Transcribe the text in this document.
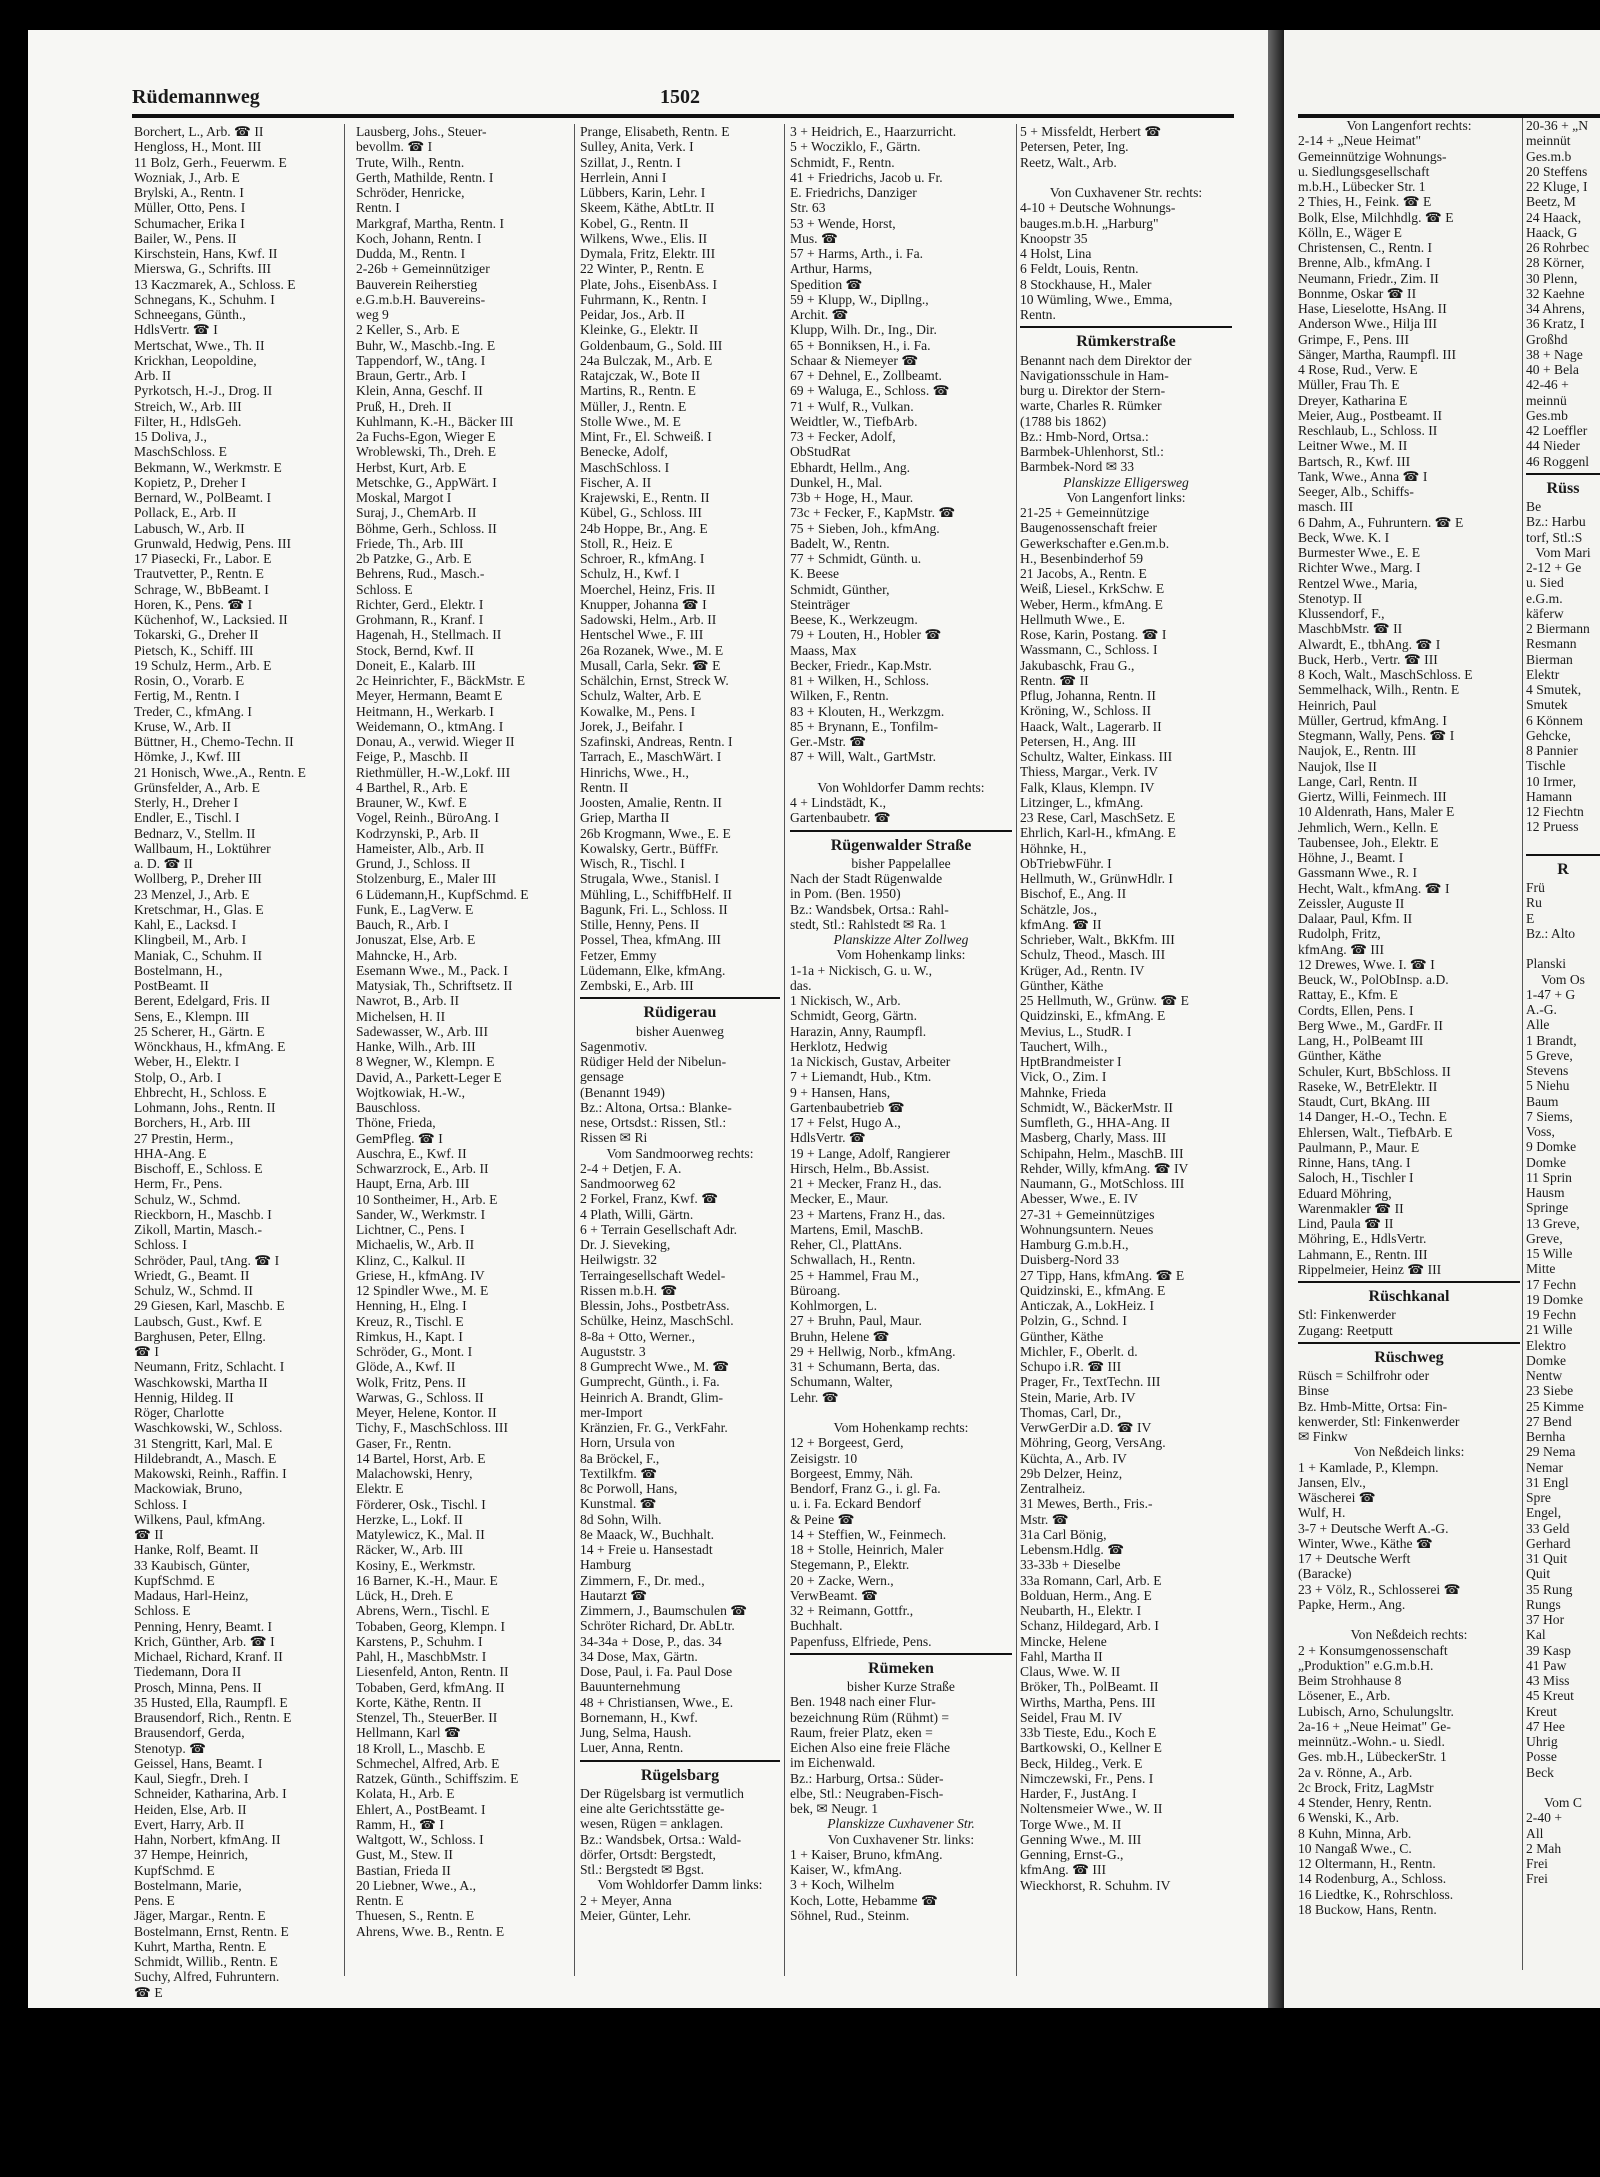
Rüdemannweg	1502
Borchert, L., Arb. ☎ II
Hengloss, H., Mont. III
11 Bolz, Gerh., Feuerwm. E
Wozniak, J., Arb. E
Brylski, A., Rentn. I
Müller, Otto, Pens. I
Schumacher, Erika I
Bailer, W., Pens. II
Kirschstein, Hans, Kwf. II
Mierswa, G., Schrifts. III
13 Kaczmarek, A., Schloss. E
Schnegans, K., Schuhm. I
Schneegans, Günth.,
HdlsVertr. ☎ I
Mertschat, Wwe., Th. II
Krickhan, Leopoldine,
Arb. II
Pyrkotsch, H.-J., Drog. II
Streich, W., Arb. III
Filter, H., HdlsGeh.
15 Doliva, J.,
MaschSchloss. E
Bekmann, W., Werkmstr. E
Kopietz, P., Dreher I
Bernard, W., PolBeamt. I
Pollack, E., Arb. II
Labusch, W., Arb. II
Grunwald, Hedwig, Pens. III
17 Piasecki, Fr., Labor. E
Trautvetter, P., Rentn. E
Schrage, W., BbBeamt. I
Horen, K., Pens. ☎ I
Küchenhof, W., Lacksied. II
Tokarski, G., Dreher II
Pietsch, K., Schiff. III
19 Schulz, Herm., Arb. E
Rosin, O., Vorarb. E
Fertig, M., Rentn. I
Treder, C., kfmAng. I
Kruse, W., Arb. II
Büttner, H., Chemo-Techn. II
Hömke, J., Kwf. III
21 Honisch, Wwe.,A., Rentn. E
Grünsfelder, A., Arb. E
Sterly, H., Dreher I
Endler, E., Tischl. I
Bednarz, V., Stellm. II
Wallbaum, H., Loktührer
a. D. ☎ II
Wollberg, P., Dreher III
23 Menzel, J., Arb. E
Kretschmar, H., Glas. E
Kahl, E., Lacksd. I
Klingbeil, M., Arb. I
Maniak, C., Schuhm. II
Bostelmann, H.,
PostBeamt. II
Berent, Edelgard, Fris. II
Sens, E., Klempn. III
25 Scherer, H., Gärtn. E
Wönckhaus, H., kfmAng. E
Weber, H., Elektr. I
Stolp, O., Arb. I
Ehbrecht, H., Schloss. E
Lohmann, Johs., Rentn. II
Borchers, H., Arb. III
27 Prestin, Herm.,
HHA-Ang. E
Bischoff, E., Schloss. E
Herm, Fr., Pens.
Schulz, W., Schmd.
Rieckborn, H., Maschb. I
Zikoll, Martin, Masch.-
Schloss. I
Schröder, Paul, tAng. ☎ I
Wriedt, G., Beamt. II
Schulz, W., Schmd. II
29 Giesen, Karl, Maschb. E
Laubsch, Gust., Kwf. E
Barghusen, Peter, Ellng.
☎ I
Neumann, Fritz, Schlacht. I
Waschkowski, Martha II
Hennig, Hildeg. II
Röger, Charlotte
Waschkowski, W., Schloss.
31 Stengritt, Karl, Mal. E
Hildebrandt, A., Masch. E
Makowski, Reinh., Raffin. I
Mackowiak, Bruno,
Schloss. I
Wilkens, Paul, kfmAng.
☎ II
Hanke, Rolf, Beamt. II
33 Kaubisch, Günter,
KupfSchmd. E
Madaus, Harl-Heinz,
Schloss. E
Penning, Henry, Beamt. I
Krich, Günther, Arb. ☎ I
Michael, Richard, Kranf. II
Tiedemann, Dora II
Prosch, Minna, Pens. II
35 Husted, Ella, Raumpfl. E
Brausendorf, Rich., Rentn. E
Brausendorf, Gerda,
Stenotyp. ☎
Geissel, Hans, Beamt. I
Kaul, Siegfr., Dreh. I
Schneider, Katharina, Arb. I
Heiden, Else, Arb. II
Evert, Harry, Arb. II
Hahn, Norbert, kfmAng. II
37 Hempe, Heinrich,
KupfSchmd. E
Bostelmann, Marie,
Pens. E
Jäger, Margar., Rentn. E
Bostelmann, Ernst, Rentn. E
Kuhrt, Martha, Rentn. E
Schmidt, Willib., Rentn. E
Suchy, Alfred, Fuhruntern.
☎ E
Lausberg, Johs., Steuer-
bevollm. ☎ I
Trute, Wilh., Rentn.
Gerth, Mathilde, Rentn. I
Schröder, Henricke,
Rentn. I
Markgraf, Martha, Rentn. I
Koch, Johann, Rentn. I
Dudda, M., Rentn. I
2-26b + Gemeinnütziger
Bauverein Reiherstieg
e.G.m.b.H. Bauvereins-
weg 9
2 Keller, S., Arb. E
Buhr, W., Maschb.-Ing. E
Tappendorf, W., tAng. I
Braun, Gertr., Arb. I
Klein, Anna, Geschf. II
Pruß, H., Dreh. II
Kuhlmann, K.-H., Bäcker III
2a Fuchs-Egon, Wieger E
Wroblewski, Th., Dreh. E
Herbst, Kurt, Arb. E
Metschke, G., AppWärt. I
Moskal, Margot I
Suraj, J., ChemArb. II
Böhme, Gerh., Schloss. II
Friede, Th., Arb. III
2b Patzke, G., Arb. E
Behrens, Rud., Masch.-
Schloss. E
Richter, Gerd., Elektr. I
Grohmann, R., Kranf. I
Hagenah, H., Stellmach. II
Stock, Bernd, Kwf. II
Doneit, E., Kalarb. III
2c Heinrichter, F., BäckMstr. E
Meyer, Hermann, Beamt E
Heitmann, H., Werkarb. I
Weidemann, O., ktmAng. I
Donau, A., verwid. Wieger II
Feige, P., Maschb. II
Riethmüller, H.-W.,Lokf. III
4 Barthel, R., Arb. E
Brauner, W., Kwf. E
Vogel, Reinh., BüroAng. I
Kodrzynski, P., Arb. II
Hameister, Alb., Arb. II
Grund, J., Schloss. II
Stolzenburg, E., Maler III
6 Lüdemann,H., KupfSchmd. E
Funk, E., LagVerw. E
Bauch, R., Arb. I
Jonuszat, Else, Arb. E
Mahncke, H., Arb.
Esemann Wwe., M., Pack. I
Matysiak, Th., Schriftsetz. II
Nawrot, B., Arb. II
Michelsen, H. II
Sadewasser, W., Arb. III
Hanke, Wilh., Arb. III
8 Wegner, W., Klempn. E
David, A., Parkett-Leger E
Wojtkowiak, H.-W.,
Bauschloss.
Thöne, Frieda,
GemPfleg. ☎ I
Auschra, E., Kwf. II
Schwarzrock, E., Arb. II
Haupt, Erna, Arb. III
10 Sontheimer, H., Arb. E
Sander, W., Werkmstr. I
Lichtner, C., Pens. I
Michaelis, W., Arb. II
Klinz, C., Kalkul. II
Griese, H., kfmAng. IV
12 Spindler Wwe., M. E
Henning, H., Elng. I
Kreuz, R., Tischl. E
Rimkus, H., Kapt. I
Schröder, G., Mont. I
Glöde, A., Kwf. II
Wolk, Fritz, Pens. II
Warwas, G., Schloss. II
Meyer, Helene, Kontor. II
Tichy, F., MaschSchloss. III
Gaser, Fr., Rentn.
14 Bartel, Horst, Arb. E
Malachowski, Henry,
Elektr. E
Förderer, Osk., Tischl. I
Herzke, L., Lokf. II
Matylewicz, K., Mal. II
Räcker, W., Arb. III
Kosiny, E., Werkmstr.
16 Barner, K.-H., Maur. E
Lück, H., Dreh. E
Abrens, Wern., Tischl. E
Tobaben, Georg, Klempn. I
Karstens, P., Schuhm. I
Pahl, H., MaschbMstr. I
Liesenfeld, Anton, Rentn. II
Tobaben, Gerd, kfmAng. II
Korte, Käthe, Rentn. II
Stenzel, Th., SteuerBer. II
Hellmann, Karl ☎
18 Kroll, L., Maschb. E
Schmechel, Alfred, Arb. E
Ratzek, Günth., Schiffszim. E
Kolata, H., Arb. E
Ehlert, A., PostBeamt. I
Ramm, H., ☎ I
Waltgott, W., Schloss. I
Gust, M., Stew. II
Bastian, Frieda II
20 Liebner, Wwe., A.,
Rentn. E
Thuesen, S., Rentn. E
Ahrens, Wwe. B., Rentn. E
Prange, Elisabeth, Rentn. E
Sulley, Anita, Verk. I
Szillat, J., Rentn. I
Herrlein, Anni I
Lübbers, Karin, Lehr. I
Skeem, Käthe, AbtLtr. II
Kobel, G., Rentn. II
Wilkens, Wwe., Elis. II
Dymala, Fritz, Elektr. III
22 Winter, P., Rentn. E
Plate, Johs., EisenbAss. I
Fuhrmann, K., Rentn. I
Peidar, Jos., Arb. II
Kleinke, G., Elektr. II
Goldenbaum, G., Sold. III
24a Bulczak, M., Arb. E
Ratajczak, W., Bote II
Martins, R., Rentn. E
Müller, J., Rentn. E
Stolle Wwe., M. E
Mint, Fr., El. Schweiß. I
Benecke, Adolf,
MaschSchloss. I
Fischer, A. II
Krajewski, E., Rentn. II
Kübel, G., Schloss. III
24b Hoppe, Br., Ang. E
Stoll, R., Heiz. E
Schroer, R., kfmAng. I
Schulz, H., Kwf. I
Moerchel, Heinz, Fris. II
Knupper, Johanna ☎ I
Sadowski, Helm., Arb. II
Hentschel Wwe., F. III
26a Rozanek, Wwe., M. E
Musall, Carla, Sekr. ☎ E
Schälchin, Ernst, Streck W.
Schulz, Walter, Arb. E
Kowalke, M., Pens. I
Jorek, J., Beifahr. I
Szafinski, Andreas, Rentn. I
Tarrach, E., MaschWärt. I
Hinrichs, Wwe., H.,
Rentn. II
Joosten, Amalie, Rentn. II
Griep, Martha II
26b Krogmann, Wwe., E. E
Kowalsky, Gertr., BüffFr.
Wisch, R., Tischl. I
Strugala, Wwe., Stanisl. I
Mühling, L., SchiffbHelf. II
Bagunk, Fri. L., Schloss. II
Stille, Henny, Pens. II
Possel, Thea, kfmAng. III
Fetzer, Emmy
Lüdemann, Elke, kfmAng.
Zembski, E., Arb. III
Rüdigerau
bisher Auenweg
Sagenmotiv.
Rüdiger Held der Nibelun-
gensage
(Benannt 1949)
Bz.: Altona, Ortsa.: Blanke-
nese, Ortsdst.: Rissen, Stl.:
Rissen ✉ Ri
Vom Sandmoorweg rechts:
2-4 + Detjen, F. A.
Sandmoorweg 62
2 Forkel, Franz, Kwf. ☎
4 Plath, Willi, Gärtn.
6 + Terrain Gesellschaft Adr.
Dr. J. Sieveking,
Heilwigstr. 32
Terraingesellschaft Wedel-
Rissen m.b.H. ☎
Blessin, Johs., PostbetrAss.
Schülke, Heinz, MaschSchl.
8-8a + Otto, Werner.,
Auguststr. 3
8 Gumprecht Wwe., M. ☎
Gumprecht, Günth., i. Fa.
Heinrich A. Brandt, Glim-
mer-Import
Kränzien, Fr. G., VerkFahr.
Horn, Ursula von
8a Bröckel, F.,
Textilkfm. ☎
8c Porwoll, Hans,
Kunstmal. ☎
8d Sohn, Wilh.
8e Maack, W., Buchhalt.
14 + Freie u. Hansestadt
Hamburg
Zimmern, F., Dr. med.,
Hautarzt ☎
Zimmern, J., Baumschulen ☎
Schröter Richard, Dr. AbLtr.
34-34a + Dose, P., das. 34
34 Dose, Max, Gärtn.
Dose, Paul, i. Fa. Paul Dose
Bauunternehmung
48 + Christiansen, Wwe., E.
Bornemann, H., Kwf.
Jung, Selma, Haush.
Luer, Anna, Rentn.
Rügelsbarg
Der Rügelsbarg ist vermutlich
eine alte Gerichtsstätte ge-
wesen, Rügen = anklagen.
Bz.: Wandsbek, Ortsa.: Wald-
dörfer, Ortsdt: Bergstedt,
Stl.: Bergstedt ✉ Bgst.
Vom Wohldorfer Damm links:
2 + Meyer, Anna
Meier, Günter, Lehr.
3 + Heidrich, E., Haarzurricht.
5 + Wocziklo, F., Gärtn.
Schmidt, F., Rentn.
41 + Friedrichs, Jacob u. Fr.
E. Friedrichs, Danziger
Str. 63
53 + Wende, Horst,
Mus. ☎
57 + Harms, Arth., i. Fa.
Arthur, Harms,
Spedition ☎
59 + Klupp, W., Dipllng.,
Archit. ☎
Klupp, Wilh. Dr., Ing., Dir.
65 + Bonniksen, H., i. Fa.
Schaar & Niemeyer ☎
67 + Dehnel, E., Zollbeamt.
69 + Waluga, E., Schloss. ☎
71 + Wulf, R., Vulkan.
Weidtler, W., TiefbArb.
73 + Fecker, Adolf,
ObStudRat
Ebhardt, Hellm., Ang.
Dunkel, H., Mal.
73b + Hoge, H., Maur.
73c + Fecker, F., KapMstr. ☎
75 + Sieben, Joh., kfmAng.
Badelt, W., Rentn.
77 + Schmidt, Günth. u.
K. Beese
Schmidt, Günther,
Steinträger
Beese, K., Werkzeugm.
79 + Louten, H., Hobler ☎
Maass, Max
Becker, Friedr., Kap.Mstr.
81 + Wilken, H., Schloss.
Wilken, F., Rentn.
83 + Klouten, H., Werkzgm.
85 + Brynann, E., Tonfilm-
Ger.-Mstr. ☎
87 + Will, Walt., GartMstr.

Von Wohldorfer Damm rechts:
4 + Lindstädt, K.,
Gartenbaubetr. ☎
Rügenwalder Straße
bisher Pappelallee
Nach der Stadt Rügenwalde
in Pom. (Ben. 1950)
Bz.: Wandsbek, Ortsa.: Rahl-
stedt, Stl.: Rahlstedt ✉ Ra. 1
Planskizze Alter Zollweg
Vom Hohenkamp links:
1-1a + Nickisch, G. u. W.,
das.
1 Nickisch, W., Arb.
Schmidt, Georg, Gärtn.
Harazin, Anny, Raumpfl.
Herklotz, Hedwig
1a Nickisch, Gustav, Arbeiter
7 + Liemandt, Hub., Ktm.
9 + Hansen, Hans,
Gartenbaubetrieb ☎
17 + Felst, Hugo A.,
HdlsVertr. ☎
19 + Lange, Adolf, Rangierer
Hirsch, Helm., Bb.Assist.
21 + Mecker, Franz H., das.
Mecker, E., Maur.
23 + Martens, Franz H., das.
Martens, Emil, MaschB.
Reher, Cl., PlattAns.
Schwallach, H., Rentn.
25 + Hammel, Frau M.,
Büroang.
Kohlmorgen, L.
27 + Bruhn, Paul, Maur.
Bruhn, Helene ☎
29 + Hellwig, Norb., kfmAng.
31 + Schumann, Berta, das.
Schumann, Walter,
Lehr. ☎

Vom Hohenkamp rechts:
12 + Borgeest, Gerd,
Zeisigstr. 10
Borgeest, Emmy, Näh.
Bendorf, Franz G., i. gl. Fa.
u. i. Fa. Eckard Bendorf
& Peine ☎
14 + Steffien, W., Feinmech.
18 + Stolle, Heinrich, Maler
Stegemann, P., Elektr.
20 + Zacke, Wern.,
VerwBeamt. ☎
32 + Reimann, Gottfr.,
Buchhalt.
Papenfuss, Elfriede, Pens.
Rümeken
bisher Kurze Straße
Ben. 1948 nach einer Flur-
bezeichnung Rüm (Rühmt) =
Raum, freier Platz, eken =
Eichen Also eine freie Fläche
im Eichenwald.
Bz.: Harburg, Ortsa.: Süder-
elbe, Stl.: Neugraben-Fisch-
bek, ✉ Neugr. 1
Planskizze Cuxhavener Str.
Von Cuxhavener Str. links:
1 + Kaiser, Bruno, kfmAng.
Kaiser, W., kfmAng.
3 + Koch, Wilhelm
Koch, Lotte, Hebamme ☎
Söhnel, Rud., Steinm.
5 + Missfeldt, Herbert ☎
Petersen, Peter, Ing.
Reetz, Walt., Arb.

Von Cuxhavener Str. rechts:
4-10 + Deutsche Wohnungs-
bauges.m.b.H. „Harburg"
Knoopstr 35
4 Holst, Lina
6 Feldt, Louis, Rentn.
8 Stockhause, H., Maler
10 Wümling, Wwe., Emma,
Rentn.
Rümkerstraße
Benannt nach dem Direktor der
Navigationsschule in Ham-
burg u. Direktor der Stern-
warte, Charles R. Rümker
(1788 bis 1862)
Bz.: Hmb-Nord, Ortsa.:
Barmbek-Uhlenhorst, Stl.:
Barmbek-Nord ✉ 33
Planskizze Elligersweg
Von Langenfort links:
21-25 + Gemeinnützige
Baugenossenschaft freier
Gewerkschafter e.Gen.m.b.
H., Besenbinderhof 59
21 Jacobs, A., Rentn. E
Weiß, Liesel., KrkSchw. E
Weber, Herm., kfmAng. E
Hellmuth Wwe., E.
Rose, Karin, Postang. ☎ I
Wassmann, C., Schloss. I
Jakubaschk, Frau G.,
Rentn. ☎ II
Pflug, Johanna, Rentn. II
Kröning, W., Schloss. II
Haack, Walt., Lagerarb. II
Petersen, H., Ang. III
Schultz, Walter, Einkass. III
Thiess, Margar., Verk. IV
Falk, Klaus, Klempn. IV
Litzinger, L., kfmAng.
23 Rese, Carl, MaschSetz. E
Ehrlich, Karl-H., kfmAng. E
Höhnke, H.,
ObTriebwFühr. I
Hellmuth, W., GrünwHdlr. I
Bischof, E., Ang. II
Schätzle, Jos.,
kfmAng. ☎ II
Schrieber, Walt., BkKfm. III
Schulz, Theod., Masch. III
Krüger, Ad., Rentn. IV
Günther, Käthe
25 Hellmuth, W., Grünw. ☎ E
Quidzinski, E., kfmAng. E
Mevius, L., StudR. I
Tauchert, Wilh.,
HptBrandmeister I
Vick, O., Zim. I
Mahnke, Frieda
Schmidt, W., BäckerMstr. II
Sumfleth, G., HHA-Ang. II
Masberg, Charly, Mass. III
Schipahn, Helm., MaschB. III
Rehder, Willy, kfmAng. ☎ IV
Naumann, G., MotSchloss. III
Abesser, Wwe., E. IV
27-31 + Gemeinnütziges
Wohnungsuntern. Neues
Hamburg G.m.b.H.,
Duisberg-Nord 33
27 Tipp, Hans, kfmAng. ☎ E
Quidzinski, E., kfmAng. E
Anticzak, A., LokHeiz. I
Polzin, G., Schnd. I
Günther, Käthe
Michler, F., Oberlt. d.
Schupo i.R. ☎ III
Prager, Fr., TextTechn. III
Stein, Marie, Arb. IV
Thomas, Carl, Dr.,
VerwGerDir a.D. ☎ IV
Möhring, Georg, VersAng.
Küchta, A., Arb. IV
29b Delzer, Heinz,
Zentralheiz.
31 Mewes, Berth., Fris.-
Mstr. ☎
31a Carl Bönig,
Lebensm.Hdlg. ☎
33-33b + Dieselbe
33a Romann, Carl, Arb. E
Bolduan, Herm., Ang. E
Neubarth, H., Elektr. I
Schanz, Hildegard, Arb. I
Mincke, Helene
Fahl, Martha II
Claus, Wwe. W. II
Bröker, Th., PolBeamt. II
Wirths, Martha, Pens. III
Seidel, Frau M. IV
33b Tieste, Edu., Koch E
Bartkowski, O., Kellner E
Beck, Hildeg., Verk. E
Nimczewski, Fr., Pens. I
Harder, F., JustAng. I
Noltensmeier Wwe., W. II
Torge Wwe., M. II
Genning Wwe., M. III
Genning, Ernst-G.,
kfmAng. ☎ III
Wieckhorst, R. Schuhm. IV
Von Langenfort rechts:
2-14 + „Neue Heimat"
Gemeinnützige Wohnungs-
u. Siedlungsgesellschaft
m.b.H., Lübecker Str. 1
2 Thies, H., Feink. ☎ E
Bolk, Else, Milchhdlg. ☎ E
Kölln, E., Wäger E
Christensen, C., Rentn. I
Brenne, Alb., kfmAng. I
Neumann, Friedr., Zim. II
Bonnme, Oskar ☎ II
Hase, Lieselotte, HsAng. II
Anderson Wwe., Hilja III
Grimpe, F., Pens. III
Sänger, Martha, Raumpfl. III
4 Rose, Rud., Verw. E
Müller, Frau Th. E
Dreyer, Katharina E
Meier, Aug., Postbeamt. II
Reschlaub, L., Schloss. II
Leitner Wwe., M. II
Bartsch, R., Kwf. III
Tank, Wwe., Anna ☎ I
Seeger, Alb., Schiffs-
masch. III
6 Dahm, A., Fuhruntern. ☎ E
Beck, Wwe. K. I
Burmester Wwe., E. E
Richter Wwe., Marg. I
Rentzel Wwe., Maria,
Stenotyp. II
Klussendorf, F.,
MaschbMstr. ☎ II
Alwardt, E., tbhAng. ☎ I
Buck, Herb., Vertr. ☎ III
8 Koch, Walt., MaschSchloss. E
Semmelhack, Wilh., Rentn. E
Heinrich, Paul
Müller, Gertrud, kfmAng. I
Stegmann, Wally, Pens. ☎ I
Naujok, E., Rentn. III
Naujok, Ilse II
Lange, Carl, Rentn. II
Giertz, Willi, Feinmech. III
10 Aldenrath, Hans, Maler E
Jehmlich, Wern., Kelln. E
Taubensee, Joh., Elektr. E
Höhne, J., Beamt. I
Gassmann Wwe., R. I
Hecht, Walt., kfmAng. ☎ I
Zeissler, Auguste II
Dalaar, Paul, Kfm. II
Rudolph, Fritz,
kfmAng. ☎ III
12 Drewes, Wwe. I. ☎ I
Beuck, W., PolObInsp. a.D.
Rattay, E., Kfm. E
Cordts, Ellen, Pens. I
Berg Wwe., M., GardFr. II
Lang, H., PolBeamt III
Günther, Käthe
Schuler, Kurt, BbSchloss. II
Raseke, W., BetrElektr. II
Staudt, Curt, BkAng. III
14 Danger, H.-O., Techn. E
Ehlersen, Walt., TiefbArb. E
Paulmann, P., Maur. E
Rinne, Hans, tAng. I
Saloch, H., Tischler I
Eduard Möhring,
Warenmakler ☎ II
Lind, Paula ☎ II
Möhring, E., HdlsVertr.
Lahmann, E., Rentn. III
Rippelmeier, Heinz ☎ III
Rüschkanal
Stl: Finkenwerder
Zugang: Reetputt
Rüschweg
Rüsch = Schilfrohr oder
Binse
Bz. Hmb-Mitte, Ortsa: Fin-
kenwerder, Stl: Finkenwerder
✉ Finkw
Von Neßdeich links:
1 + Kamlade, P., Klempn.
Jansen, Elv.,
Wäscherei ☎
Wulf, H.
3-7 + Deutsche Werft A.-G.
Winter, Wwe., Käthe ☎
17 + Deutsche Werft
(Baracke)
23 + Völz, R., Schlosserei ☎
Papke, Herm., Ang.

Von Neßdeich rechts:
2 + Konsumgenossenschaft
„Produktion" e.G.m.b.H.
Beim Strohhause 8
Lösener, E., Arb.
Lubisch, Arno, Schulungsltr.
2a-16 + „Neue Heimat" Ge-
meinnütz.-Wohn.- u. Siedl.
Ges. mb.H., LübeckerStr. 1
2a v. Rönne, A., Arb.
2c Brock, Fritz, LagMstr
4 Stender, Henry, Rentn.
6 Wenski, K., Arb.
8 Kuhn, Minna, Arb.
10 Nangaß Wwe., C.
12 Oltermann, H., Rentn.
14 Rodenburg, A., Schloss.
16 Liedtke, K., Rohrschloss.
18 Buckow, Hans, Rentn.
20-36 + „N
meinnüt
Ges.m.b
20 Steffens
22 Kluge, I
Beetz, M
24 Haack,
Haack, G
26 Rohrbec
28 Körner,
30 Plenn,
32 Kaehne
34 Ahrens,
36 Kratz, I
Großhd
38 + Nage
40 + Bela
42-46 +
meinnü
Ges.mb
42 Loeffler
44 Nieder
46 Roggenl
Rüss
Be
Bz.: Harbu
torf, Stl.:S
Vom Mari
2-12 + Ge
u. Sied
e.G.m.
käferw
2 Biermann
Resmann
Bierman
Elektr
4 Smutek,
Smutek
6 Könnem
Gehcke,
8 Pannier
Tischle
10 Irmer,
Hamann
12 Fiechtn
12 Pruess

R
Frü
Ru
E
Bz.: Alto

Planski
Vom Os
1-47 + G
A.-G.
Alle
1 Brandt,
5 Greve,
Stevens
5 Niehu
Baum
7 Siems,
Voss,
9 Domke
Domke
11 Sprin
Hausm
Springe
13 Greve,
Greve,
15 Wille
Mitte
17 Fechn
19 Domke
19 Fechn
21 Wille
Elektro
Domke
Nentw
23 Siebe
25 Kimme
27 Bend
Bernha
29 Nema
Nemar
31 Engl
Spre
Engel,
33 Geld
Gerhard
31 Quit
Quit
35 Rung
Rungs
37 Hor
Kal
39 Kasp
41 Paw
43 Miss
45 Kreut
Kreut
47 Hee
Uhrig
Posse
Beck

Vom C
2-40 +
All
2 Mah
Frei
Frei
